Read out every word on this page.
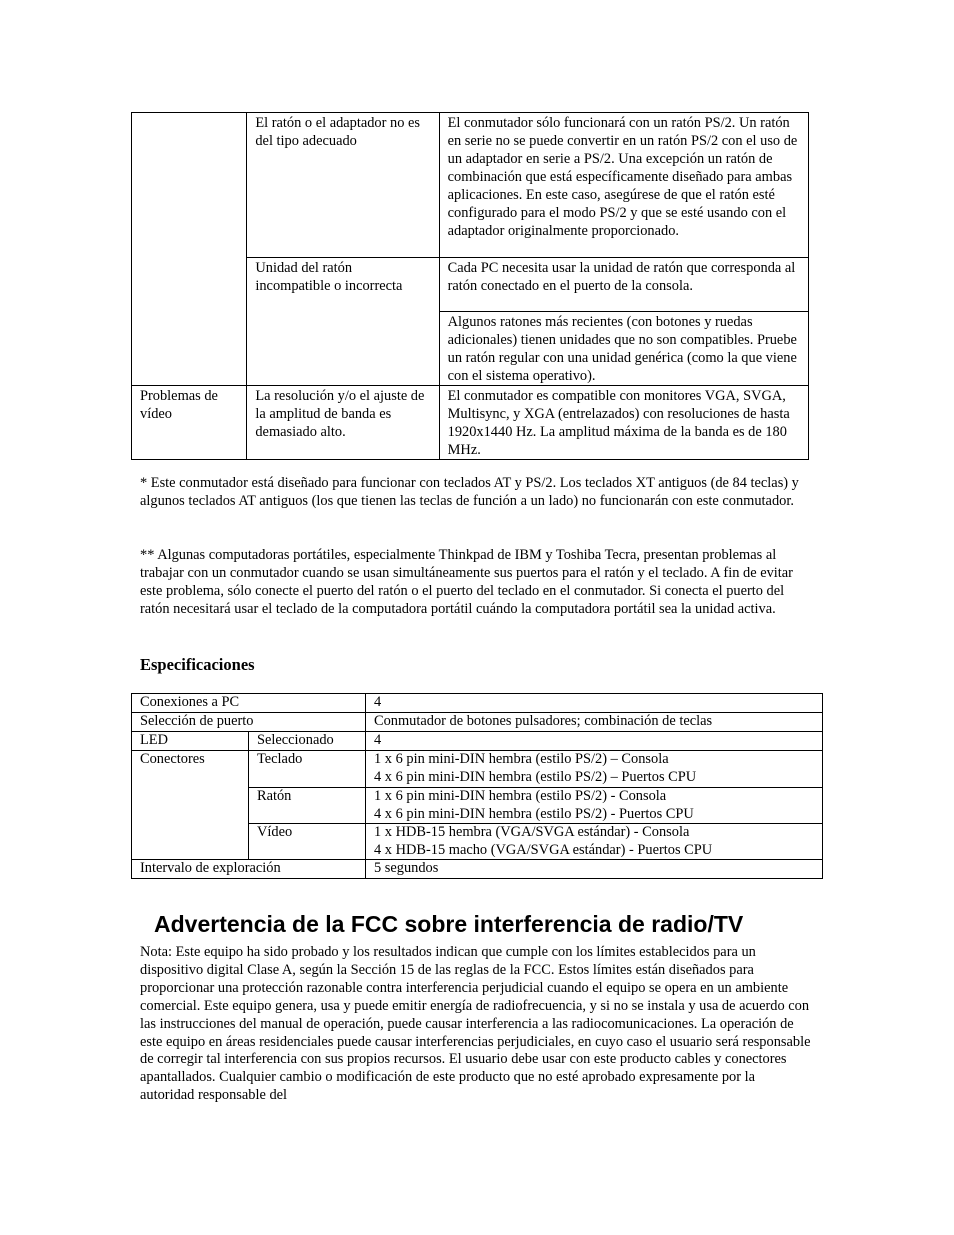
	El ratón o el adaptador no es del tipo adecuado	El conmutador sólo funcionará con un ratón PS/2. Un ratón en serie no se puede convertir en un ratón PS/2 con el uso de un adaptador en serie a PS/2. Una excepción un ratón de combinación que está específicamente diseñado para ambas aplicaciones. En este caso, asegúrese de que el ratón esté configurado para el modo PS/2 y que se esté usando con el adaptador originalmente proporcionado.
	Unidad del ratón incompatible o incorrecta	Cada PC necesita usar la unidad de ratón que corresponda al ratón conectado en el puerto de la consola.
		Algunos ratones más recientes (con botones y ruedas adicionales) tienen unidades que no son compatibles. Pruebe un ratón regular con una unidad genérica (como la que viene con el sistema operativo).
Problemas de vídeo	La resolución y/o el ajuste de la amplitud de banda es demasiado alto.	El conmutador es compatible con monitores VGA, SVGA, Multisync, y XGA (entrelazados) con resoluciones de hasta 1920x1440 Hz. La amplitud máxima de la banda es de 180 MHz.

* Este conmutador está diseñado para funcionar con teclados AT y PS/2. Los teclados XT antiguos (de 84 teclas) y algunos teclados AT antiguos (los que tienen las teclas de función a un lado) no funcionarán con este conmutador.

** Algunas computadoras portátiles, especialmente Thinkpad de IBM y Toshiba Tecra, presentan problemas al trabajar con un conmutador cuando se usan simultáneamente sus puertos para el ratón y el teclado. A fin de evitar este problema, sólo conecte el puerto del ratón o el puerto del teclado en el conmutador. Si conecta el puerto del ratón necesitará usar el teclado de la computadora portátil cuándo la computadora portátil sea la unidad activa.

Especificaciones
Conexiones a PC		4
Selección de puerto		Conmutador de botones pulsadores; combinación de teclas
LED	Seleccionado	4
Conectores	Teclado	1 x 6 pin mini-DIN hembra (estilo PS/2) – Consola
4 x 6 pin mini-DIN hembra (estilo PS/2) – Puertos CPU

	Ratón	1 x 6 pin mini-DIN hembra (estilo PS/2) - Consola
4 x 6 pin mini-DIN hembra (estilo PS/2) - Puertos CPU

	Vídeo	1 x HDB-15 hembra (VGA/SVGA estándar) - Consola
4 x HDB-15 macho (VGA/SVGA estándar) - Puertos CPU

Intervalo de exploración		5 segundos
Advertencia de la FCC sobre interferencia de radio/TV

Nota: Este equipo ha sido probado y los resultados indican que cumple con los límites establecidos para un dispositivo digital Clase A, según la Sección 15 de las reglas de la FCC. Estos límites están diseñados para proporcionar una protección razonable contra interferencia perjudicial cuando el equipo se opera en un ambiente comercial. Este equipo genera, usa y puede emitir energía de radiofrecuencia, y si no se instala y usa de acuerdo con las instrucciones del manual de operación, puede causar interferencia a las radiocomunicaciones. La operación de este equipo en áreas residenciales puede causar interferencias perjudiciales, en cuyo caso el usuario será responsable de corregir tal interferencia con sus propios recursos. El usuario debe usar con este producto cables y conectores apantallados. Cualquier cambio o modificación de este producto que no esté aprobado expresamente por la autoridad responsable del
